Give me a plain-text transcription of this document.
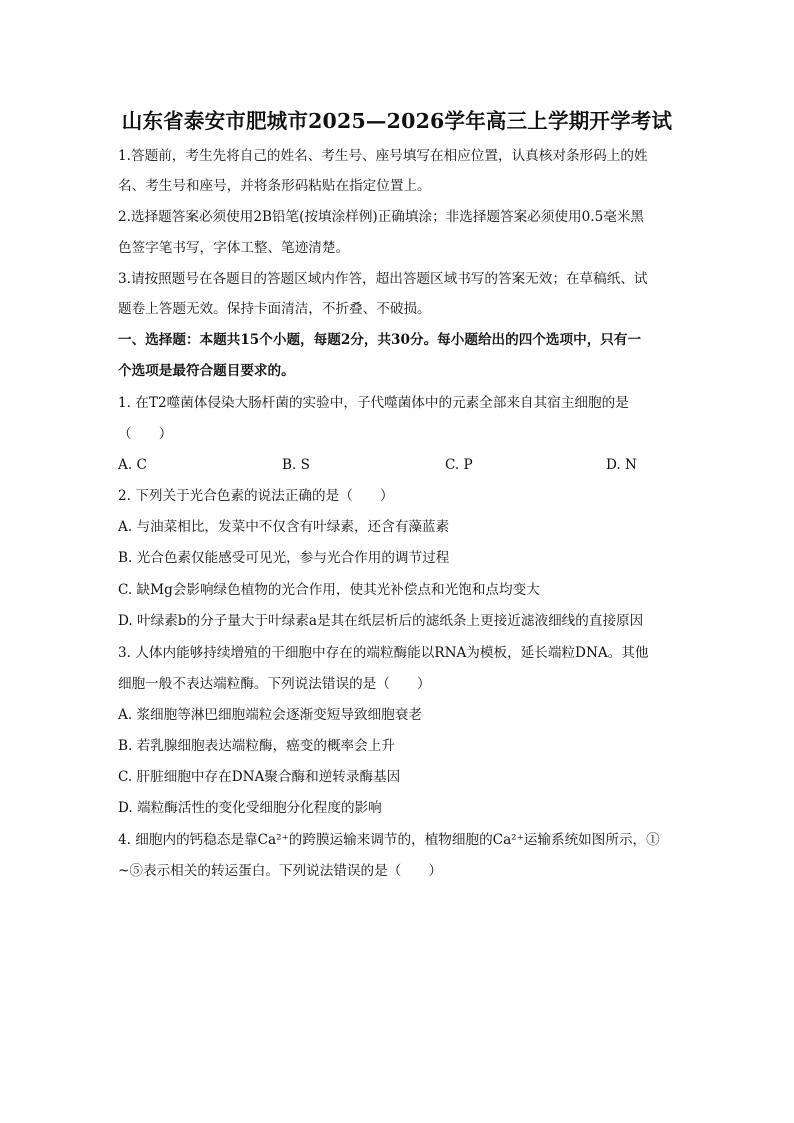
山东省泰安市肥城市2025—2026学年高三上学期开学考试
1.答题前，考生先将自己的姓名、考生号、座号填写在相应位置，认真核对条形码上的姓
名、考生号和座号，并将条形码粘贴在指定位置上。
2.选择题答案必须使用2B铅笔(按填涂样例)正确填涂；非选择题答案必须使用0.5毫米黑
色签字笔书写，字体工整、笔迹清楚。
3.请按照题号在各题目的答题区域内作答，超出答题区域书写的答案无效；在草稿纸、试
题卷上答题无效。保持卡面清洁，不折叠、不破损。
一、选择题：本题共15个小题，每题2分，共30分。每小题给出的四个选项中，只有一
个选项是最符合题目要求的。
1. 在T2噬菌体侵染大肠杆菌的实验中，子代噬菌体中的元素全部来自其宿主细胞的是
（　　）
A. C	B. S	C. P	D. N
2. 下列关于光合色素的说法正确的是（　　）
A. 与油菜相比，发菜中不仅含有叶绿素，还含有藻蓝素
B. 光合色素仅能感受可见光，参与光合作用的调节过程
C. 缺Mg会影响绿色植物的光合作用，使其光补偿点和光饱和点均变大
D. 叶绿素b的分子量大于叶绿素a是其在纸层析后的滤纸条上更接近滤液细线的直接原因
3. 人体内能够持续增殖的干细胞中存在的端粒酶能以RNA为模板，延长端粒DNA。其他
细胞一般不表达端粒酶。下列说法错误的是（　　）
A. 浆细胞等淋巴细胞端粒会逐渐变短导致细胞衰老
B. 若乳腺细胞表达端粒酶，癌变的概率会上升
C. 肝脏细胞中存在DNA聚合酶和逆转录酶基因
D. 端粒酶活性的变化受细胞分化程度的影响
4. 细胞内的钙稳态是靠Ca²⁺的跨膜运输来调节的，植物细胞的Ca²⁺运输系统如图所示，①
~⑤表示相关的转运蛋白。下列说法错误的是（　　）
